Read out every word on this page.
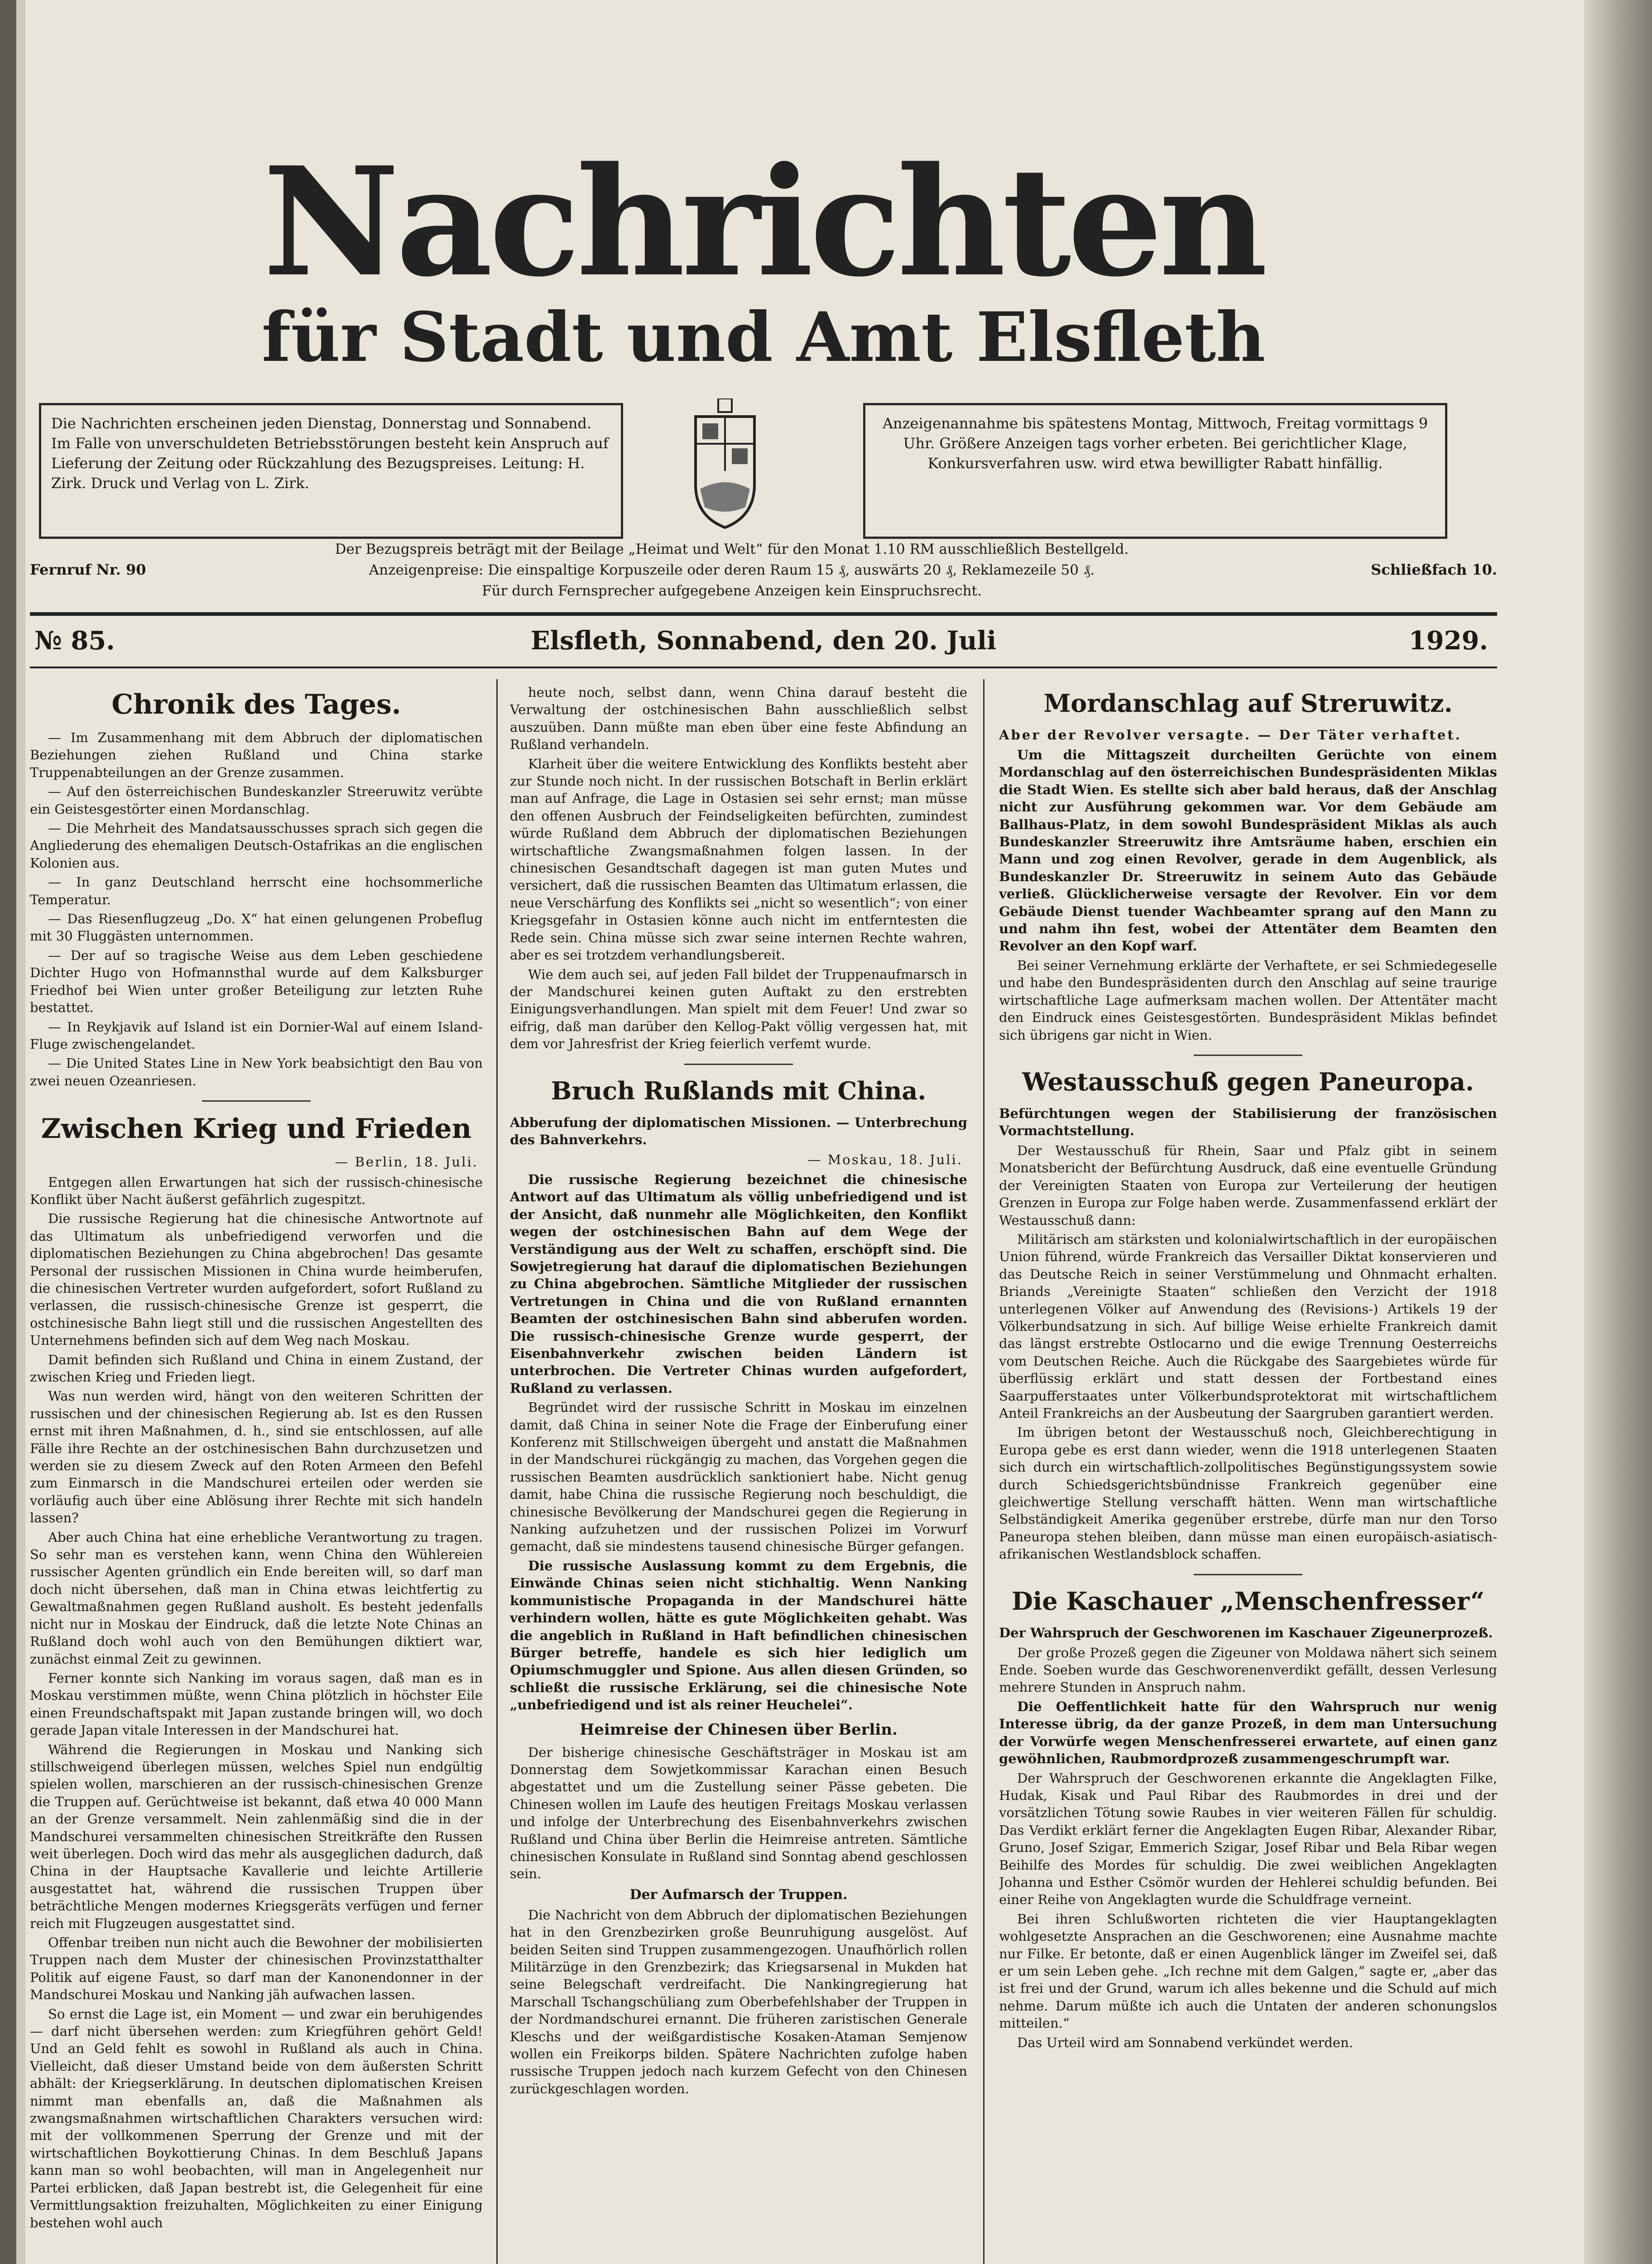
Nachrichten
für Stadt und Amt Elsfleth
Die Nachrichten erscheinen jeden Dienstag, Donnerstag und Sonnabend. Im Falle von unverschuldeten Betriebsstörungen besteht kein Anspruch auf Lieferung der Zeitung oder Rückzahlung des Bezugspreises. Leitung: H. Zirk. Druck und Verlag von L. Zirk.
Anzeigenannahme bis spätestens Montag, Mittwoch, Freitag vormittags 9 Uhr. Größere Anzeigen tags vorher erbeten. Bei gerichtlicher Klage, Konkursverfahren usw. wird etwa bewilligter Rabatt hinfällig.
Fernruf Nr. 90
Der Bezugspreis beträgt mit der Beilage „Heimat und Welt“ für den Monat 1.10 RM ausschließlich Bestellgeld.
Anzeigenpreise: Die einspaltige Korpuszeile oder deren Raum 15 ₰, auswärts 20 ₰, Reklamezeile 50 ₰.
Für durch Fernsprecher aufgegebene Anzeigen kein Einspruchsrecht.
Schließfach 10.
№ 85.	Elsfleth, Sonnabend, den 20. Juli	1929.
Chronik des Tages.

— Im Zusammenhang mit dem Abbruch der diplomatischen Beziehungen ziehen Rußland und China starke Truppenabteilungen an der Grenze zusammen.

— Auf den österreichischen Bundeskanzler Streeruwitz verübte ein Geistesgestörter einen Mordanschlag.

— Die Mehrheit des Mandatsausschusses sprach sich gegen die Angliederung des ehemaligen Deutsch-Ostafrikas an die englischen Kolonien aus.

— In ganz Deutschland herrscht eine hochsommerliche Temperatur.

— Das Riesenflugzeug „Do. X“ hat einen gelungenen Probeflug mit 30 Fluggästen unternommen.

— Der auf so tragische Weise aus dem Leben geschiedene Dichter Hugo von Hofmannsthal wurde auf dem Kalksburger Friedhof bei Wien unter großer Beteiligung zur letzten Ruhe bestattet.

— In Reykjavik auf Island ist ein Dornier-Wal auf einem Island-Fluge zwischengelandet.

— Die United States Line in New York beabsichtigt den Bau von zwei neuen Ozeanriesen.

Zwischen Krieg und Frieden
— Berlin, 18. Juli.

Entgegen allen Erwartungen hat sich der russisch-chinesische Konflikt über Nacht äußerst gefährlich zugespitzt.

Die russische Regierung hat die chinesische Antwortnote auf das Ultimatum als unbefriedigend verworfen und die diplomatischen Beziehungen zu China abgebrochen! Das gesamte Personal der russischen Missionen in China wurde heimberufen, die chinesischen Vertreter wurden aufgefordert, sofort Rußland zu verlassen, die russisch-chinesische Grenze ist gesperrt, die ostchinesische Bahn liegt still und die russischen Angestellten des Unternehmens befinden sich auf dem Weg nach Moskau.

Damit befinden sich Rußland und China in einem Zustand, der zwischen Krieg und Frieden liegt.

Was nun werden wird, hängt von den weiteren Schritten der russischen und der chinesischen Regierung ab. Ist es den Russen ernst mit ihren Maßnahmen, d. h., sind sie entschlossen, auf alle Fälle ihre Rechte an der ostchinesischen Bahn durchzusetzen und werden sie zu diesem Zweck auf den Roten Armeen den Befehl zum Einmarsch in die Mandschurei erteilen oder werden sie vorläufig auch über eine Ablösung ihrer Rechte mit sich handeln lassen?

Aber auch China hat eine erhebliche Verantwortung zu tragen. So sehr man es verstehen kann, wenn China den Wühlereien russischer Agenten gründlich ein Ende bereiten will, so darf man doch nicht übersehen, daß man in China etwas leichtfertig zu Gewaltmaßnahmen gegen Rußland ausholt. Es besteht jedenfalls nicht nur in Moskau der Eindruck, daß die letzte Note Chinas an Rußland doch wohl auch von den Bemühungen diktiert war, zunächst einmal Zeit zu gewinnen.

Ferner konnte sich Nanking im voraus sagen, daß man es in Moskau verstimmen müßte, wenn China plötzlich in höchster Eile einen Freundschaftspakt mit Japan zustande bringen will, wo doch gerade Japan vitale Interessen in der Mandschurei hat.

Während die Regierungen in Moskau und Nanking sich stillschweigend überlegen müssen, welches Spiel nun endgültig spielen wollen, marschieren an der russisch-chinesischen Grenze die Truppen auf. Gerüchtweise ist bekannt, daß etwa 40 000 Mann an der Grenze versammelt. Nein zahlenmäßig sind die in der Mandschurei versammelten chinesischen Streitkräfte den Russen weit überlegen. Doch wird das mehr als ausgeglichen dadurch, daß China in der Hauptsache Kavallerie und leichte Artillerie ausgestattet hat, während die russischen Truppen über beträchtliche Mengen modernes Kriegsgeräts verfügen und ferner reich mit Flugzeugen ausgestattet sind.

Offenbar treiben nun nicht auch die Bewohner der mobilisierten Truppen nach dem Muster der chinesischen Provinzstatthalter Politik auf eigene Faust, so darf man der Kanonendonner in der Mandschurei Moskau und Nanking jäh aufwachen lassen.

So ernst die Lage ist, ein Moment — und zwar ein beruhigendes — darf nicht übersehen werden: zum Kriegführen gehört Geld! Und an Geld fehlt es sowohl in Rußland als auch in China. Vielleicht, daß dieser Umstand beide von dem äußersten Schritt abhält: der Kriegserklärung. In deutschen diplomatischen Kreisen nimmt man ebenfalls an, daß die Maßnahmen als zwangsmaßnahmen wirtschaftlichen Charakters versuchen wird: mit der vollkommenen Sperrung der Grenze und mit der wirtschaftlichen Boykottierung Chinas. In dem Beschluß Japans kann man so wohl beobachten, will man in Angelegenheit nur Partei erblicken, daß Japan bestrebt ist, die Gelegenheit für eine Vermittlungsaktion freizuhalten, Möglichkeiten zu einer Einigung bestehen wohl auch

heute noch, selbst dann, wenn China darauf besteht die Verwaltung der ostchinesischen Bahn ausschließlich selbst auszuüben. Dann müßte man eben über eine feste Abfindung an Rußland verhandeln.

Klarheit über die weitere Entwicklung des Konflikts besteht aber zur Stunde noch nicht. In der russischen Botschaft in Berlin erklärt man auf Anfrage, die Lage in Ostasien sei sehr ernst; man müsse den offenen Ausbruch der Feindseligkeiten befürchten, zumindest würde Rußland dem Abbruch der diplomatischen Beziehungen wirtschaftliche Zwangsmaßnahmen folgen lassen. In der chinesischen Gesandtschaft dagegen ist man guten Mutes und versichert, daß die russischen Beamten das Ultimatum erlassen, die neue Verschärfung des Konflikts sei „nicht so wesentlich“; von einer Kriegsgefahr in Ostasien könne auch nicht im entferntesten die Rede sein. China müsse sich zwar seine internen Rechte wahren, aber es sei trotzdem verhandlungsbereit.

Wie dem auch sei, auf jeden Fall bildet der Truppenaufmarsch in der Mandschurei keinen guten Auftakt zu den erstrebten Einigungsverhandlungen. Man spielt mit dem Feuer! Und zwar so eifrig, daß man darüber den Kellog-Pakt völlig vergessen hat, mit dem vor Jahresfrist der Krieg feierlich verfemt wurde.

Bruch Rußlands mit China.
Abberufung der diplomatischen Missionen. — Unterbrechung des Bahnverkehrs.
— Moskau, 18. Juli.

Die russische Regierung bezeichnet die chinesische Antwort auf das Ultimatum als völlig unbefriedigend und ist der Ansicht, daß nunmehr alle Möglichkeiten, den Konflikt wegen der ostchinesischen Bahn auf dem Wege der Verständigung aus der Welt zu schaffen, erschöpft sind. Die Sowjetregierung hat darauf die diplomatischen Beziehungen zu China abgebrochen. Sämtliche Mitglieder der russischen Vertretungen in China und die von Rußland ernannten Beamten der ostchinesischen Bahn sind abberufen worden. Die russisch-chinesische Grenze wurde gesperrt, der Eisenbahnverkehr zwischen beiden Ländern ist unterbrochen. Die Vertreter Chinas wurden aufgefordert, Rußland zu verlassen.

Begründet wird der russische Schritt in Moskau im einzelnen damit, daß China in seiner Note die Frage der Einberufung einer Konferenz mit Stillschweigen übergeht und anstatt die Maßnahmen in der Mandschurei rückgängig zu machen, das Vorgehen gegen die russischen Beamten ausdrücklich sanktioniert habe. Nicht genug damit, habe China die russische Regierung noch beschuldigt, die chinesische Bevölkerung der Mandschurei gegen die Regierung in Nanking aufzuhetzen und der russischen Polizei im Vorwurf gemacht, daß sie mindestens tausend chinesische Bürger gefangen.

Die russische Auslassung kommt zu dem Ergebnis, die Einwände Chinas seien nicht stichhaltig. Wenn Nanking kommunistische Propaganda in der Mandschurei hätte verhindern wollen, hätte es gute Möglichkeiten gehabt. Was die angeblich in Rußland in Haft befindlichen chinesischen Bürger betreffe, handele es sich hier lediglich um Opiumschmuggler und Spione. Aus allen diesen Gründen, so schließt die russische Erklärung, sei die chinesische Note „unbefriedigend und ist als reiner Heuchelei“.

Heimreise der Chinesen über Berlin.

Der bisherige chinesische Geschäftsträger in Moskau ist am Donnerstag dem Sowjetkommissar Karachan einen Besuch abgestattet und um die Zustellung seiner Pässe gebeten. Die Chinesen wollen im Laufe des heutigen Freitags Moskau verlassen und infolge der Unterbrechung des Eisenbahnverkehrs zwischen Rußland und China über Berlin die Heimreise antreten. Sämtliche chinesischen Konsulate in Rußland sind Sonntag abend geschlossen sein.

Der Aufmarsch der Truppen.

Die Nachricht von dem Abbruch der diplomatischen Beziehungen hat in den Grenzbezirken große Beunruhigung ausgelöst. Auf beiden Seiten sind Truppen zusammengezogen. Unaufhörlich rollen Militärzüge in den Grenzbezirk; das Kriegsarsenal in Mukden hat seine Belegschaft verdreifacht. Die Nankingregierung hat Marschall Tschangschüliang zum Oberbefehlshaber der Truppen in der Nordmandschurei ernannt. Die früheren zaristischen Generale Kleschs und der weißgardistische Kosaken-Ataman Semjenow wollen ein Freikorps bilden. Spätere Nachrichten zufolge haben russische Truppen jedoch nach kurzem Gefecht von den Chinesen zurückgeschlagen worden.

Mordanschlag auf Streruwitz.
Aber der Revolver versagte. — Der Täter verhaftet.

Um die Mittagszeit durcheilten Gerüchte von einem Mordanschlag auf den österreichischen Bundespräsidenten Miklas die Stadt Wien. Es stellte sich aber bald heraus, daß der Anschlag nicht zur Ausführung gekommen war. Vor dem Gebäude am Ballhaus-Platz, in dem sowohl Bundespräsident Miklas als auch Bundeskanzler Streeruwitz ihre Amtsräume haben, erschien ein Mann und zog einen Revolver, gerade in dem Augenblick, als Bundeskanzler Dr. Streeruwitz in seinem Auto das Gebäude verließ. Glücklicherweise versagte der Revolver. Ein vor dem Gebäude Dienst tuender Wachbeamter sprang auf den Mann zu und nahm ihn fest, wobei der Attentäter dem Beamten den Revolver an den Kopf warf.

Bei seiner Vernehmung erklärte der Verhaftete, er sei Schmiedegeselle und habe den Bundespräsidenten durch den Anschlag auf seine traurige wirtschaftliche Lage aufmerksam machen wollen. Der Attentäter macht den Eindruck eines Geistesgestörten. Bundespräsident Miklas befindet sich übrigens gar nicht in Wien.

Westausschuß gegen Paneuropa.
Befürchtungen wegen der Stabilisierung der französischen Vormachtstellung.

Der Westausschuß für Rhein, Saar und Pfalz gibt in seinem Monatsbericht der Befürchtung Ausdruck, daß eine eventuelle Gründung der Vereinigten Staaten von Europa zur Verteilerung der heutigen Grenzen in Europa zur Folge haben werde. Zusammenfassend erklärt der Westausschuß dann:

Militärisch am stärksten und kolonialwirtschaftlich in der europäischen Union führend, würde Frankreich das Versailler Diktat konservieren und das Deutsche Reich in seiner Verstümmelung und Ohnmacht erhalten. Briands „Vereinigte Staaten“ schließen den Verzicht der 1918 unterlegenen Völker auf Anwendung des (Revisions-) Artikels 19 der Völkerbundsatzung in sich. Auf billige Weise erhielte Frankreich damit das längst erstrebte Ostlocarno und die ewige Trennung Oesterreichs vom Deutschen Reiche. Auch die Rückgabe des Saargebietes würde für überflüssig erklärt und statt dessen der Fortbestand eines Saarpufferstaates unter Völkerbundsprotektorat mit wirtschaftlichem Anteil Frankreichs an der Ausbeutung der Saargruben garantiert werden.

Im übrigen betont der Westausschuß noch, Gleichberechtigung in Europa gebe es erst dann wieder, wenn die 1918 unterlegenen Staaten sich durch ein wirtschaftlich-zollpolitisches Begünstigungssystem sowie durch Schiedsgerichtsbündnisse Frankreich gegenüber eine gleichwertige Stellung verschafft hätten. Wenn man wirtschaftliche Selbständigkeit Amerika gegenüber erstrebe, dürfe man nur den Torso Paneuropa stehen bleiben, dann müsse man einen europäisch-asiatisch-afrikanischen Westlandsblock schaffen.

Die Kaschauer „Menschenfresser“
Der Wahrspruch der Geschworenen im Kaschauer Zigeunerprozeß.

Der große Prozeß gegen die Zigeuner von Moldawa nähert sich seinem Ende. Soeben wurde das Geschworenenverdikt gefällt, dessen Verlesung mehrere Stunden in Anspruch nahm.

Die Oeffentlichkeit hatte für den Wahrspruch nur wenig Interesse übrig, da der ganze Prozeß, in dem man Untersuchung der Vorwürfe wegen Menschenfresserei erwartete, auf einen ganz gewöhnlichen, Raubmordprozeß zusammengeschrumpft war.

Der Wahrspruch der Geschworenen erkannte die Angeklagten Filke, Hudak, Kisak und Paul Ribar des Raubmordes in drei und der vorsätzlichen Tötung sowie Raubes in vier weiteren Fällen für schuldig. Das Verdikt erklärt ferner die Angeklagten Eugen Ribar, Alexander Ribar, Gruno, Josef Szigar, Emmerich Szigar, Josef Ribar und Bela Ribar wegen Beihilfe des Mordes für schuldig. Die zwei weiblichen Angeklagten Johanna und Esther Csömör wurden der Hehlerei schuldig befunden. Bei einer Reihe von Angeklagten wurde die Schuldfrage verneint.

Bei ihren Schlußworten richteten die vier Hauptangeklagten wohlgesetzte Ansprachen an die Geschworenen; eine Ausnahme machte nur Filke. Er betonte, daß er einen Augenblick länger im Zweifel sei, daß er um sein Leben gehe. „Ich rechne mit dem Galgen,“ sagte er, „aber das ist frei und der Grund, warum ich alles bekenne und die Schuld auf mich nehme. Darum müßte ich auch die Untaten der anderen schonungslos mitteilen.“

Das Urteil wird am Sonnabend verkündet werden.
